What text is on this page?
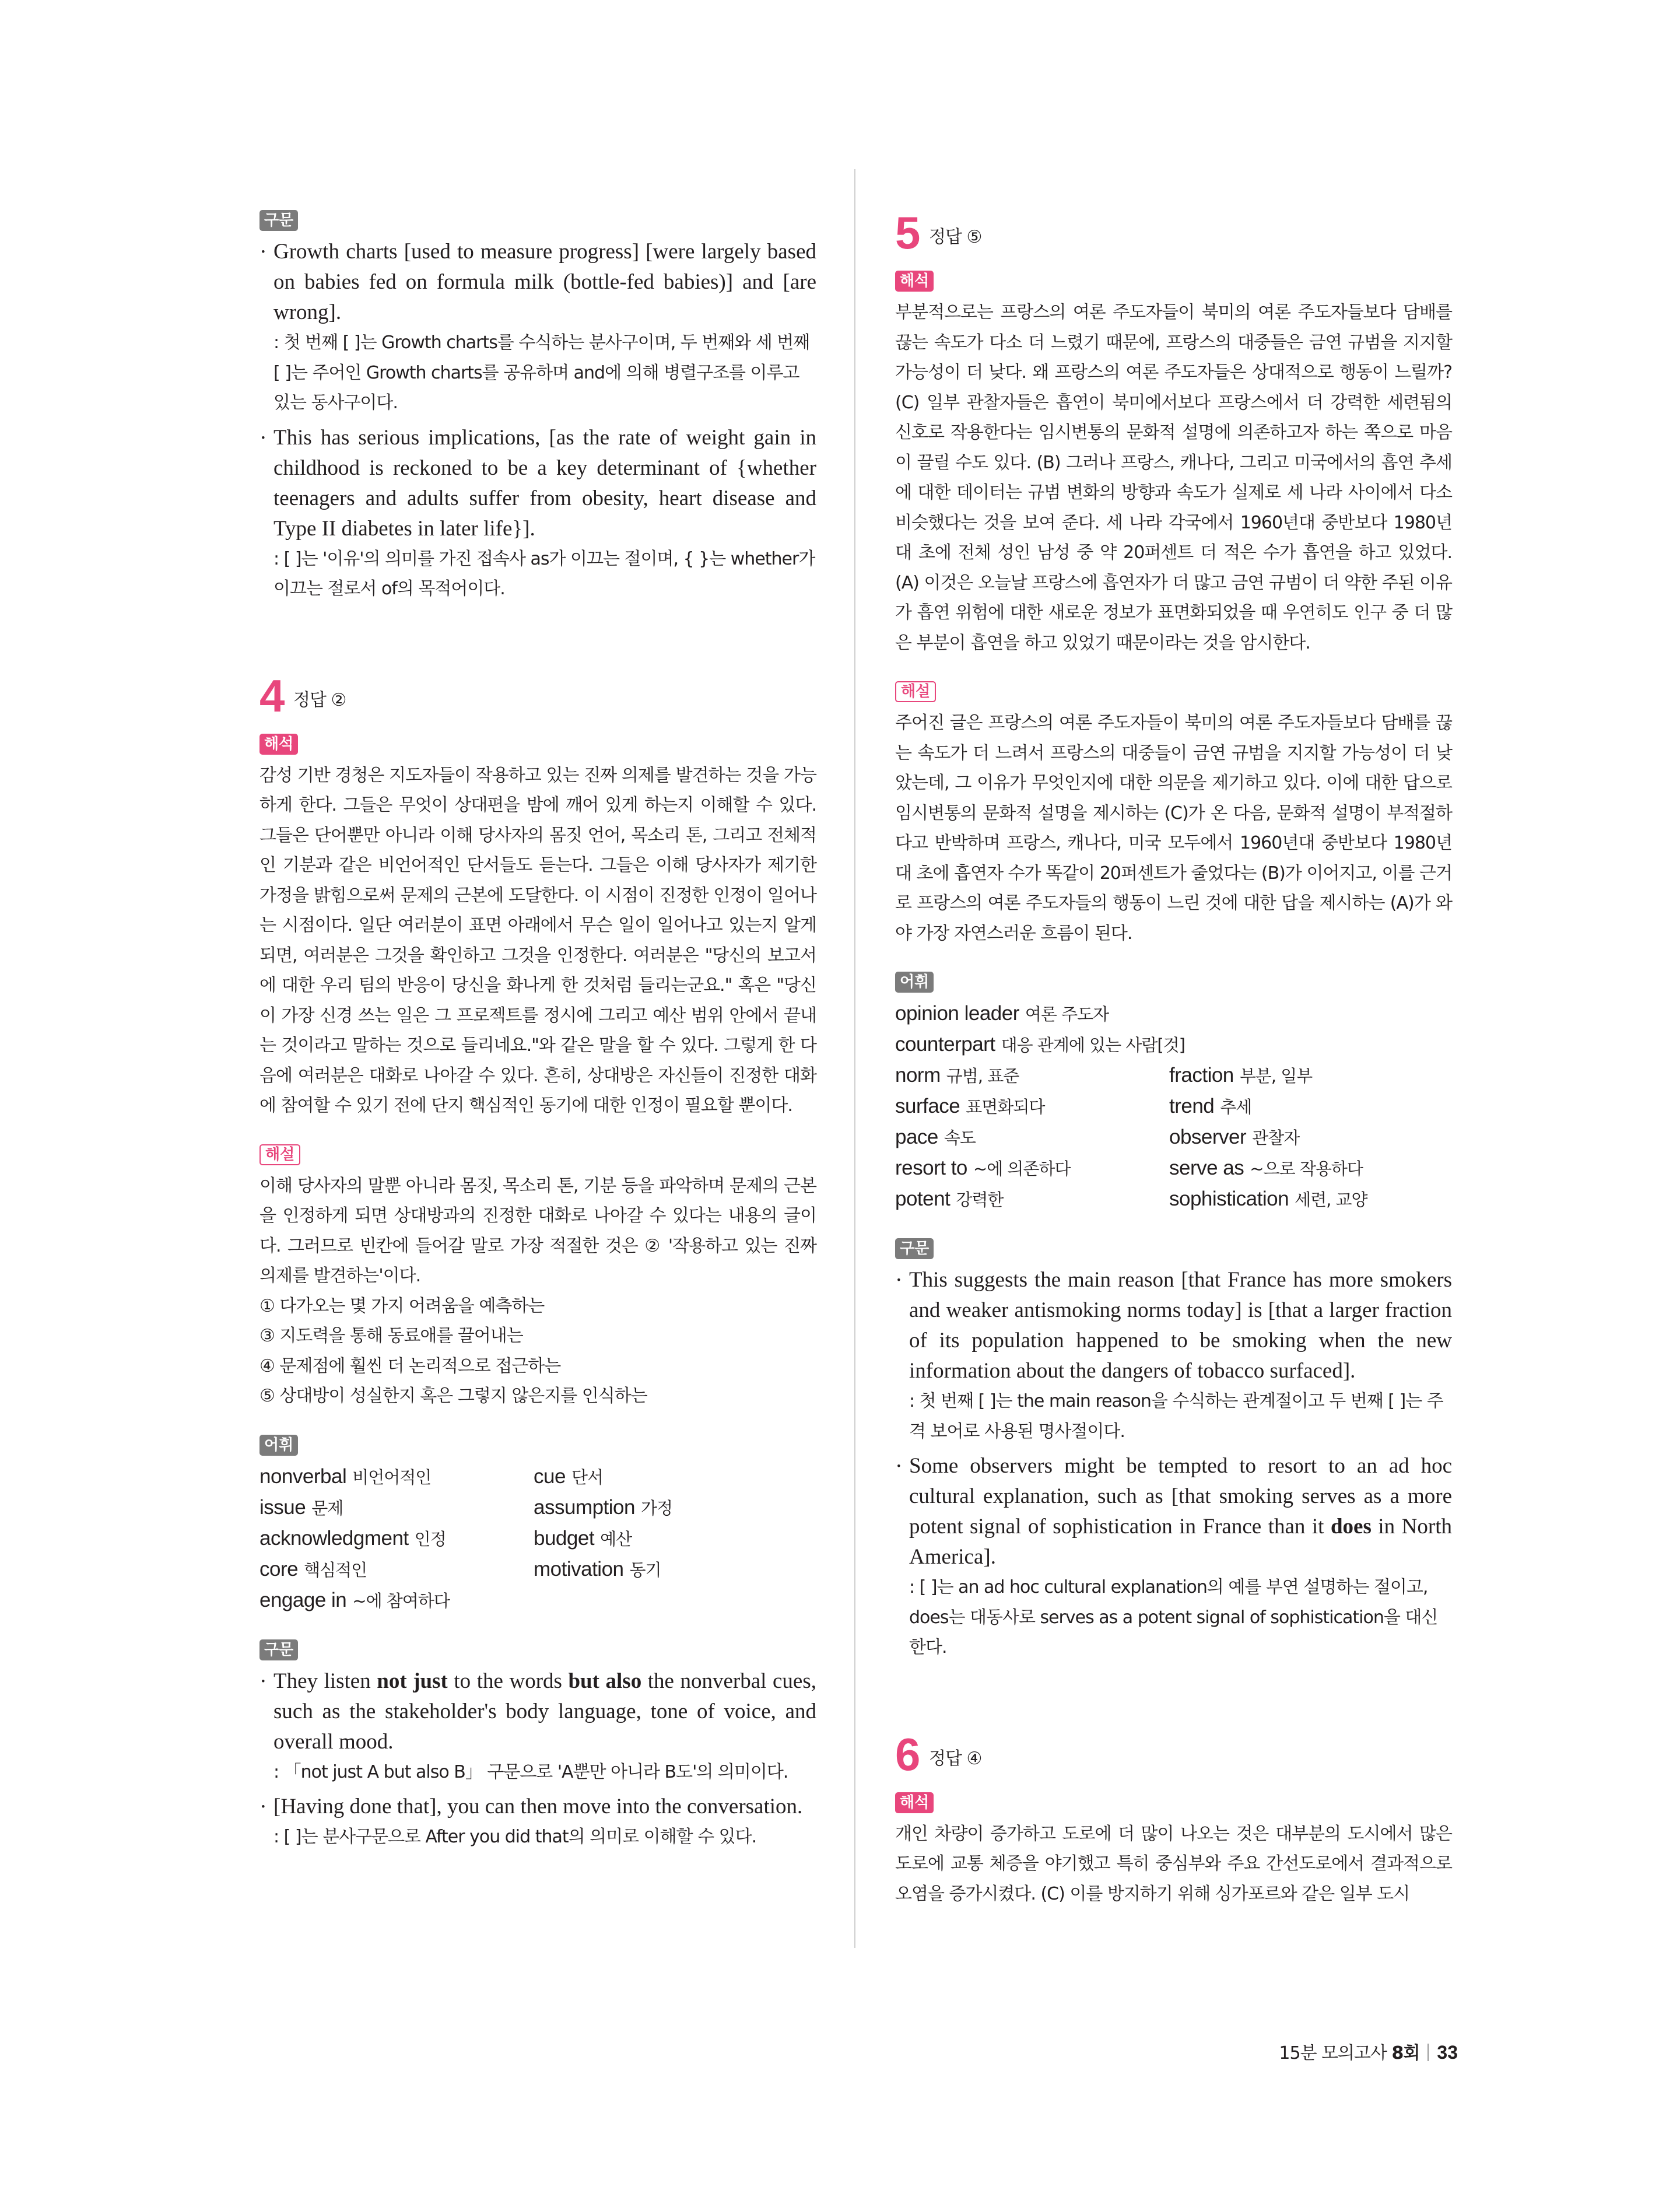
구문
· Growth charts [used to measure progress] [were largely based on babies fed on formula milk (bottle-fed babies)] and [are wrong].

: 첫 번째 [ ]는 Growth charts를 수식하는 분사구이며, 두 번째와 세 번째 [ ]는 주어인 Growth charts를 공유하며 and에 의해 병렬구조를 이루고 있는 동사구이다.

· This has serious implications, [as the rate of weight gain in childhood is reckoned to be a key determinant of {whether teenagers and adults suffer from obesity, heart disease and Type II diabetes in later life}].

: [ ]는 '이유'의 의미를 가진 접속사 as가 이끄는 절이며, { }는 whether가 이끄는 절로서 of의 목적어이다.

4 정답 ②
해석

감성 기반 경청은 지도자들이 작용하고 있는 진짜 의제를 발견하는 것을 가능하게 한다. 그들은 무엇이 상대편을 밤에 깨어 있게 하는지 이해할 수 있다. 그들은 단어뿐만 아니라 이해 당사자의 몸짓 언어, 목소리 톤, 그리고 전체적인 기분과 같은 비언어적인 단서들도 듣는다. 그들은 이해 당사자가 제기한 가정을 밝힘으로써 문제의 근본에 도달한다. 이 시점이 진정한 인정이 일어나는 시점이다. 일단 여러분이 표면 아래에서 무슨 일이 일어나고 있는지 알게 되면, 여러분은 그것을 확인하고 그것을 인정한다. 여러분은 "당신의 보고서에 대한 우리 팀의 반응이 당신을 화나게 한 것처럼 들리는군요." 혹은 "당신이 가장 신경 쓰는 일은 그 프로젝트를 정시에 그리고 예산 범위 안에서 끝내는 것이라고 말하는 것으로 들리네요."와 같은 말을 할 수 있다. 그렇게 한 다음에 여러분은 대화로 나아갈 수 있다. 흔히, 상대방은 자신들이 진정한 대화에 참여할 수 있기 전에 단지 핵심적인 동기에 대한 인정이 필요할 뿐이다.

해설

이해 당사자의 말뿐 아니라 몸짓, 목소리 톤, 기분 등을 파악하며 문제의 근본을 인정하게 되면 상대방과의 진정한 대화로 나아갈 수 있다는 내용의 글이다. 그러므로 빈칸에 들어갈 말로 가장 적절한 것은 ② '작용하고 있는 진짜 의제를 발견하는'이다.

① 다가오는 몇 가지 어려움을 예측하는

③ 지도력을 통해 동료애를 끌어내는

④ 문제점에 훨씬 더 논리적으로 접근하는

⑤ 상대방이 성실한지 혹은 그렇지 않은지를 인식하는

어휘
nonverbal 비언어적인	cue 단서
issue 문제	assumption 가정
acknowledgment 인정	budget 예산
core 핵심적인	motivation 동기
engage in ~에 참여하다
구문
· They listen not just to the words but also the nonverbal cues, such as the stakeholder's body language, tone of voice, and overall mood.

: 「not just A but also B」 구문으로 'A뿐만 아니라 B도'의 의미이다.

· [Having done that], you can then move into the conversation.

: [ ]는 분사구문으로 After you did that의 의미로 이해할 수 있다.

5 정답 ⑤
해석

부분적으로는 프랑스의 여론 주도자들이 북미의 여론 주도자들보다 담배를 끊는 속도가 다소 더 느렸기 때문에, 프랑스의 대중들은 금연 규범을 지지할 가능성이 더 낮다. 왜 프랑스의 여론 주도자들은 상대적으로 행동이 느릴까? (C) 일부 관찰자들은 흡연이 북미에서보다 프랑스에서 더 강력한 세련됨의 신호로 작용한다는 임시변통의 문화적 설명에 의존하고자 하는 쪽으로 마음이 끌릴 수도 있다. (B) 그러나 프랑스, 캐나다, 그리고 미국에서의 흡연 추세에 대한 데이터는 규범 변화의 방향과 속도가 실제로 세 나라 사이에서 다소 비슷했다는 것을 보여 준다. 세 나라 각국에서 1960년대 중반보다 1980년대 초에 전체 성인 남성 중 약 20퍼센트 더 적은 수가 흡연을 하고 있었다. (A) 이것은 오늘날 프랑스에 흡연자가 더 많고 금연 규범이 더 약한 주된 이유가 흡연 위험에 대한 새로운 정보가 표면화되었을 때 우연히도 인구 중 더 많은 부분이 흡연을 하고 있었기 때문이라는 것을 암시한다.

해설

주어진 글은 프랑스의 여론 주도자들이 북미의 여론 주도자들보다 담배를 끊는 속도가 더 느려서 프랑스의 대중들이 금연 규범을 지지할 가능성이 더 낮았는데, 그 이유가 무엇인지에 대한 의문을 제기하고 있다. 이에 대한 답으로 임시변통의 문화적 설명을 제시하는 (C)가 온 다음, 문화적 설명이 부적절하다고 반박하며 프랑스, 캐나다, 미국 모두에서 1960년대 중반보다 1980년대 초에 흡연자 수가 똑같이 20퍼센트가 줄었다는 (B)가 이어지고, 이를 근거로 프랑스의 여론 주도자들의 행동이 느린 것에 대한 답을 제시하는 (A)가 와야 가장 자연스러운 흐름이 된다.

어휘
opinion leader 여론 주도자
counterpart 대응 관계에 있는 사람[것]
norm 규범, 표준	fraction 부분, 일부
surface 표면화되다	trend 추세
pace 속도	observer 관찰자
resort to ~에 의존하다	serve as ~으로 작용하다
potent 강력한	sophistication 세련, 교양
구문
· This suggests the main reason [that France has more smokers and weaker antismoking norms today] is [that a larger fraction of its population happened to be smoking when the new information about the dangers of tobacco surfaced].

: 첫 번째 [ ]는 the main reason을 수식하는 관계절이고 두 번째 [ ]는 주격 보어로 사용된 명사절이다.

· Some observers might be tempted to resort to an ad hoc cultural explanation, such as [that smoking serves as a more potent signal of sophistication in France than it does in North America].

: [ ]는 an ad hoc cultural explanation의 예를 부연 설명하는 절이고, does는 대동사로 serves as a potent signal of sophistication을 대신한다.

6 정답 ④
해석

개인 차량이 증가하고 도로에 더 많이 나오는 것은 대부분의 도시에서 많은 도로에 교통 체증을 야기했고 특히 중심부와 주요 간선도로에서 결과적으로 오염을 증가시켰다. (C) 이를 방지하기 위해 싱가포르와 같은 일부 도시

15분 모의고사 8회 33
